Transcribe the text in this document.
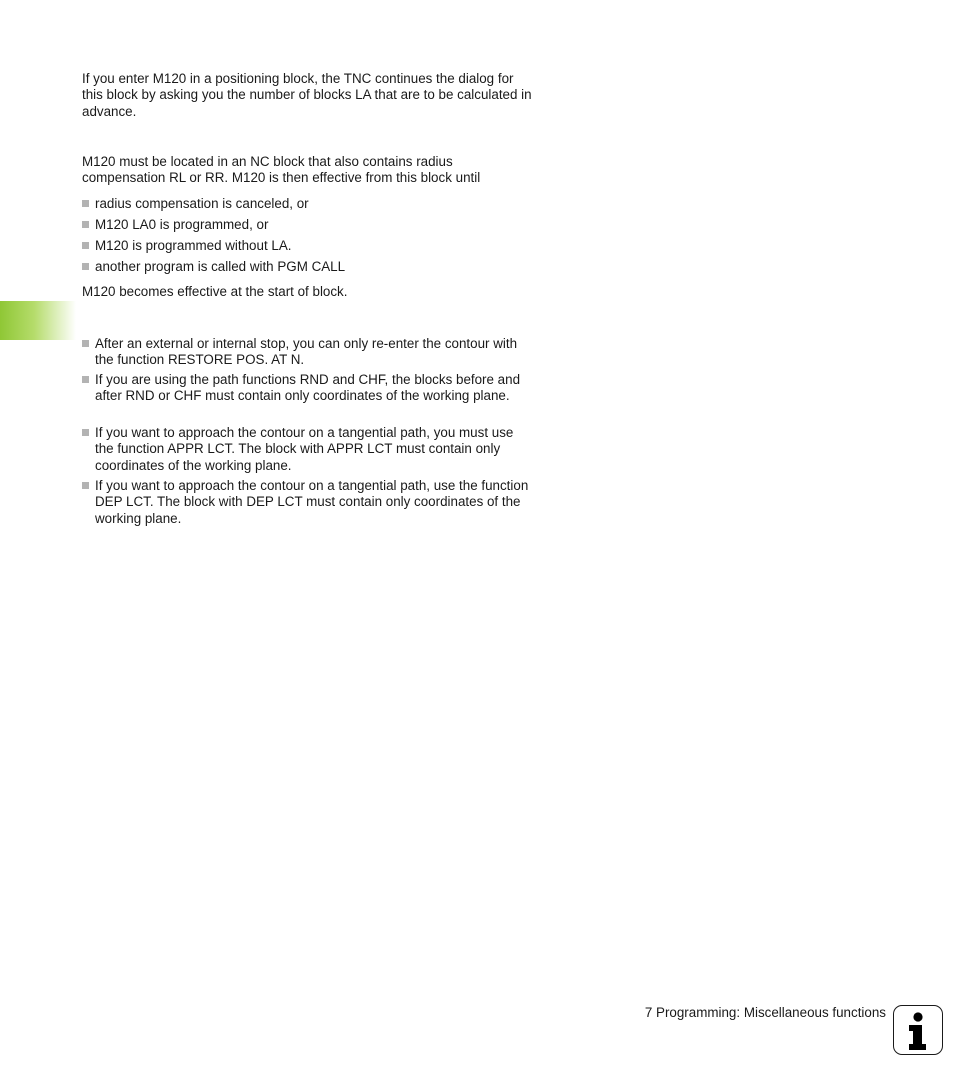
If you enter M120 in a positioning block, the TNC continues the dialog for this block by asking you the number of blocks LA that are to be calculated in advance.

M120 must be located in an NC block that also contains radius compensation RL or RR. M120 is then effective from this block until

radius compensation is canceled, or
M120 LA0 is programmed, or
M120 is programmed without LA.
another program is called with PGM CALL

M120 becomes effective at the start of block.

After an external or internal stop, you can only re-enter the contour with the function RESTORE POS. AT N.
If you are using the path functions RND and CHF, the blocks before and after RND or CHF must contain only coordinates of the working plane.
If you want to approach the contour on a tangential path, you must use the function APPR LCT. The block with APPR LCT must contain only coordinates of the working plane.
If you want to approach the contour on a tangential path, use the function DEP LCT. The block with DEP LCT must contain only coordinates of the working plane.
7 Programming: Miscellaneous functions
